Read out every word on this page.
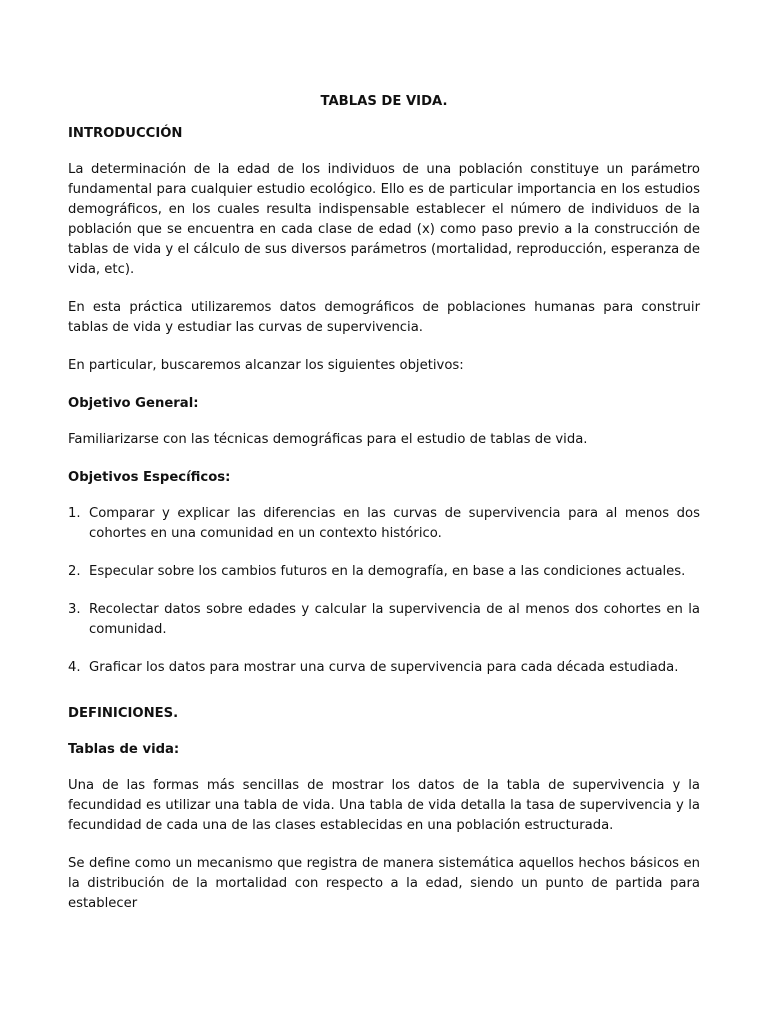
TABLAS DE VIDA.
INTRODUCCIÓN

La determinación de la edad de los individuos de una población constituye un parámetro fundamental para cualquier estudio ecológico. Ello es de particular importancia en los estudios demográficos, en los cuales resulta indispensable establecer el número de individuos de la población que se encuentra en cada clase de edad (x) como paso previo a la construcción de tablas de vida y el cálculo de sus diversos parámetros (mortalidad, reproducción, esperanza de vida, etc).

En esta práctica utilizaremos datos demográficos de poblaciones humanas para construir tablas de vida y estudiar las curvas de supervivencia.

En particular, buscaremos alcanzar los siguientes objetivos:

Objetivo General:

Familiarizarse con las técnicas demográficas para el estudio de tablas de vida.

Objetivos Específicos:
1. Comparar y explicar las diferencias en las curvas de supervivencia para al menos dos cohortes en una comunidad en un contexto histórico.
2. Especular sobre los cambios futuros en la demografía, en base a las condiciones actuales.
3. Recolectar datos sobre edades y calcular la supervivencia de al menos dos cohortes en la comunidad.
4. Graficar los datos para mostrar una curva de supervivencia para cada década estudiada.
DEFINICIONES.
Tablas de vida:

Una de las formas más sencillas de mostrar los datos de la tabla de supervivencia y la fecundidad es utilizar una tabla de vida. Una tabla de vida detalla la tasa de supervivencia y la fecundidad de cada una de las clases establecidas en una población estructurada.

Se define como un mecanismo que registra de manera sistemática aquellos hechos básicos en la distribución de la mortalidad con respecto a la edad, siendo un punto de partida para establecer
